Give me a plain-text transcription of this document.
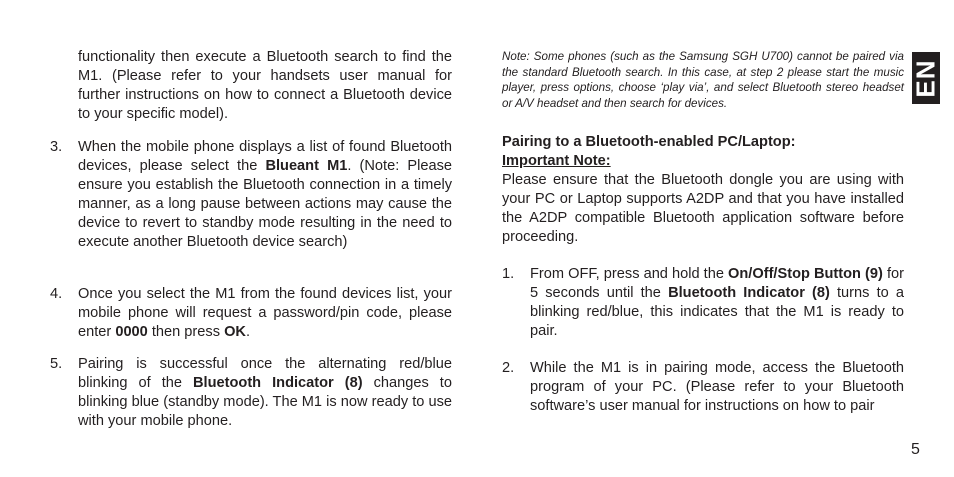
functionality then execute a Bluetooth search to find the M1. (Please refer to your handsets user manual for further instructions on how to connect a Bluetooth device to your specific model).

3.	When the mobile phone displays a list of found Bluetooth devices, please select the Blueant M1. (Note: Please ensure you establish the Bluetooth connection in a timely manner, as a long pause between actions may cause the device to revert to standby mode resulting in the need to execute another Bluetooth device search)
4.	Once you select the M1 from the found devices list, your mobile phone will request a password/pin code, please enter 0000 then press OK.
5.	Pairing is successful once the alternating red/blue blinking of the Bluetooth Indicator (8) changes to blinking blue (standby mode). The M1 is now ready to use with your mobile phone.

Note: Some phones (such as the Samsung SGH U700) cannot be paired via the standard Bluetooth search. In this case, at step 2 please start the music player, press options, choose ‘play via’, and select Bluetooth stereo headset or A/V headset and then search for devices.

Pairing to a Bluetooth-enabled PC/Laptop:

Important Note:

Please ensure that the Bluetooth dongle you are using with your PC or Laptop supports A2DP and that you have installed the A2DP compatible Bluetooth application software before proceeding.

1.	From OFF, press and hold the On/Off/Stop Button (9) for 5 seconds until the Bluetooth Indicator (8) turns to a blinking red/blue, this indicates that the M1 is ready to pair.
2.	While the M1 is in pairing mode, access the Bluetooth program of your PC. (Please refer to your Bluetooth software’s user manual for instructions on how to pair
EN

5
